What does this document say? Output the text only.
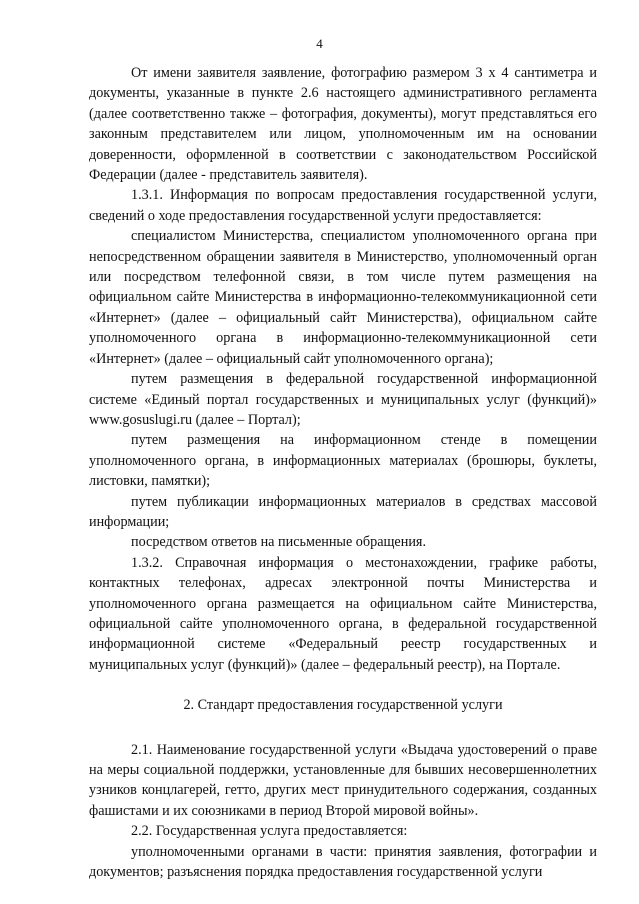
4

От имени заявителя заявление, фотографию размером 3 х 4 сантиметра и документы, указанные в пункте 2.6 настоящего административного регламента (далее соответственно также – фотография, документы), могут представляться его законным представителем или лицом, уполномоченным им на основании доверенности, оформленной в соответствии с законодательством Российской Федерации (далее - представитель заявителя).

1.3.1. Информация по вопросам предоставления государственной услуги, сведений о ходе предоставления государственной услуги предоставляется:

специалистом Министерства, специалистом уполномоченного органа при непосредственном обращении заявителя в Министерство, уполномоченный орган или посредством телефонной связи, в том числе путем размещения на официальном сайте Министерства в информационно-телекоммуникационной сети «Интернет» (далее – официальный сайт Министерства), официальном сайте уполномоченного органа в информационно-телекоммуникационной сети «Интернет» (далее – официальный сайт уполномоченного органа);

путем размещения в федеральной государственной информационной системе «Единый портал государственных и муниципальных услуг (функций)» www.gosuslugi.ru (далее – Портал);

путем размещения на информационном стенде в помещении уполномоченного органа, в информационных материалах (брошюры, буклеты, листовки, памятки);

путем публикации информационных материалов в средствах массовой информации;

посредством ответов на письменные обращения.

1.3.2. Справочная информация о местонахождении, графике работы, контактных телефонах, адресах электронной почты Министерства и уполномоченного органа размещается на официальном сайте Министерства, официальной сайте уполномоченного органа, в федеральной государственной информационной системе «Федеральный реестр государственных и муниципальных услуг (функций)» (далее – федеральный реестр), на Портале.

2. Стандарт предоставления государственной услуги

2.1. Наименование государственной услуги «Выдача удостоверений о праве на меры социальной поддержки, установленные для бывших несовершеннолетних узников концлагерей, гетто, других мест принудительного содержания, созданных фашистами и их союзниками в период Второй мировой войны».

2.2. Государственная услуга предоставляется:

уполномоченными органами в части: принятия заявления, фотографии и документов; разъяснения порядка предоставления государственной услуги
